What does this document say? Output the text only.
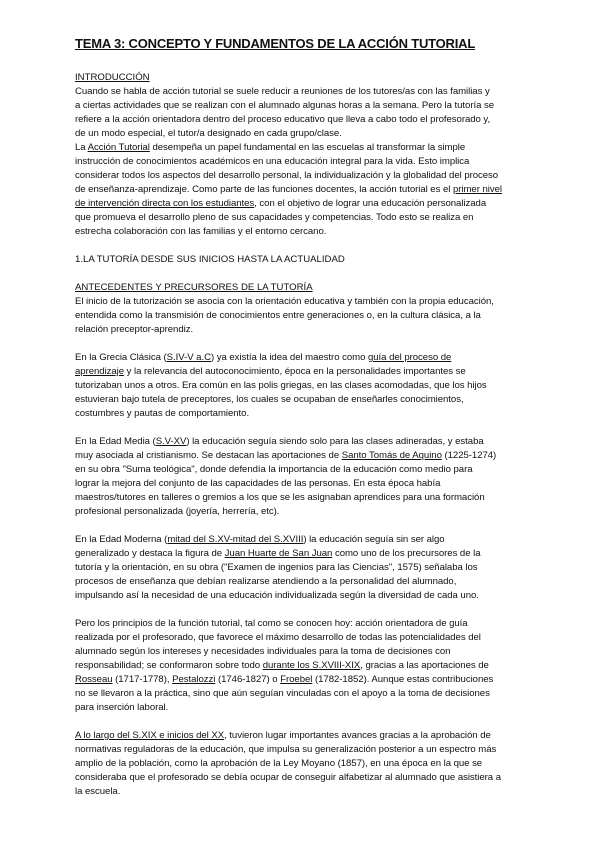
TEMA 3: CONCEPTO Y FUNDAMENTOS DE LA ACCIÓN TUTORIAL
INTRODUCCIÓN
Cuando se habla de acción tutorial se suele reducir a reuniones de los tutores/as con las familias y
a ciertas actividades que se realizan con el alumnado algunas horas a la semana. Pero la tutoría se
refiere a la acción orientadora dentro del proceso educativo que lleva a cabo todo el profesorado y,
de un modo especial, el tutor/a designado en cada grupo/clase.
La Acción Tutorial desempeña un papel fundamental en las escuelas al transformar la simple
instrucción de conocimientos académicos en una educación integral para la vida. Esto implica
considerar todos los aspectos del desarrollo personal, la individualización y la globalidad del proceso
de enseñanza-aprendizaje. Como parte de las funciones docentes, la acción tutorial es el primer nivel
de intervención directa con los estudiantes, con el objetivo de lograr una educación personalizada
que promueva el desarrollo pleno de sus capacidades y competencias. Todo esto se realiza en
estrecha colaboración con las familias y el entorno cercano.
1.LA TUTORÍA DESDE SUS INICIOS HASTA LA ACTUALIDAD
ANTECEDENTES Y PRECURSORES DE LA TUTORÍA
El inicio de la tutorización se asocia con la orientación educativa y también con la propia educación,
entendida como la transmisión de conocimientos entre generaciones o, en la cultura clásica, a la
relación preceptor-aprendiz.
En la Grecia Clásica (S.IV-V a.C) ya existía la idea del maestro como guía del proceso de
aprendizaje y la relevancia del autoconocimiento, época en la personalidades importantes se
tutorizaban unos a otros. Era común en las polis griegas, en las clases acomodadas, que los hijos
estuvieran bajo tutela de preceptores, los cuales se ocupaban de enseñarles conocimientos,
costumbres y pautas de comportamiento.
En la Edad Media (S.V-XV) la educación seguía siendo solo para las clases adineradas, y estaba
muy asociada al cristianismo. Se destacan las aportaciones de Santo Tomás de Aquino (1225-1274)
en su obra "Suma teológica", donde defendía la importancia de la educación como medio para
lograr la mejora del conjunto de las capacidades de las personas. En esta época había
maestros/tutores en talleres o gremios a los que se les asignaban aprendices para una formación
profesional personalizada (joyería, herrería, etc).
En la Edad Moderna (mitad del S.XV-mitad del S.XVIII) la educación seguía sin ser algo
generalizado y destaca la figura de Juan Huarte de San Juan como uno de los precursores de la
tutoría y la orientación, en su obra ("Examen de ingenios para las Ciencias", 1575) señalaba los
procesos de enseñanza que debían realizarse atendiendo a la personalidad del alumnado,
impulsando así la necesidad de una educación individualizada según la diversidad de cada uno.
Pero los principios de la función tutorial, tal como se conocen hoy: acción orientadora de guía
realizada por el profesorado, que favorece el máximo desarrollo de todas las potencialidades del
alumnado según los intereses y necesidades individuales para la toma de decisiones con
responsabilidad; se conformaron sobre todo durante los S.XVIII-XIX, gracias a las aportaciones de
Rosseau (1717-1778), Pestalozzi (1746-1827) o Froebel (1782-1852). Aunque estas contribuciones
no se llevaron a la práctica, sino que aún seguían vinculadas con el apoyo a la toma de decisiones
para inserción laboral.
A lo largo del S.XIX e inicios del XX, tuvieron lugar importantes avances gracias a la aprobación de
normativas reguladoras de la educación, que impulsa su generalización posterior a un espectro más
amplio de la población, como la aprobación de la Ley Moyano (1857), en una época en la que se
consideraba que el profesorado se debía ocupar de conseguir alfabetizar al alumnado que asistiera a
la escuela.
